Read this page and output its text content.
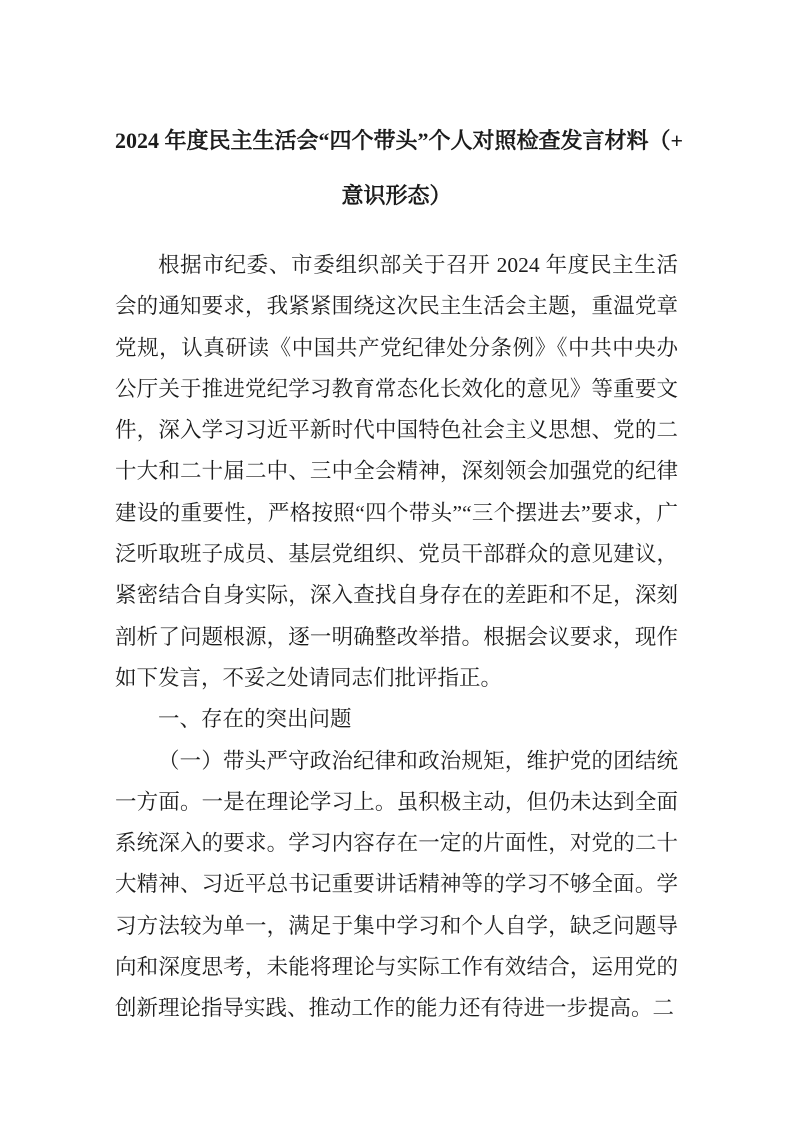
2024 年度民主生活会“四个带头”个人对照检查发言材料（+
意识形态）

根据市纪委、市委组织部关于召开 2024 年度民主生活会的通知要求，我紧紧围绕这次民主生活会主题，重温党章党规，认真研读《中国共产党纪律处分条例》《中共中央办公厅关于推进党纪学习教育常态化长效化的意见》等重要文件，深入学习习近平新时代中国特色社会主义思想、党的二十大和二十届二中、三中全会精神，深刻领会加强党的纪律建设的重要性，严格按照“四个带头”“三个摆进去”要求，广泛听取班子成员、基层党组织、党员干部群众的意见建议，紧密结合自身实际，深入查找自身存在的差距和不足，深刻剖析了问题根源，逐一明确整改举措。根据会议要求，现作如下发言，不妥之处请同志们批评指正。

一、存在的突出问题

（一）带头严守政治纪律和政治规矩，维护党的团结统一方面。一是在理论学习上。虽积极主动，但仍未达到全面系统深入的要求。学习内容存在一定的片面性，对党的二十大精神、习近平总书记重要讲话精神等的学习不够全面。学习方法较为单一，满足于集中学习和个人自学，缺乏问题导向和深度思考，未能将理论与实际工作有效结合，运用党的创新理论指导实践、推动工作的能力还有待进一步提高。二
